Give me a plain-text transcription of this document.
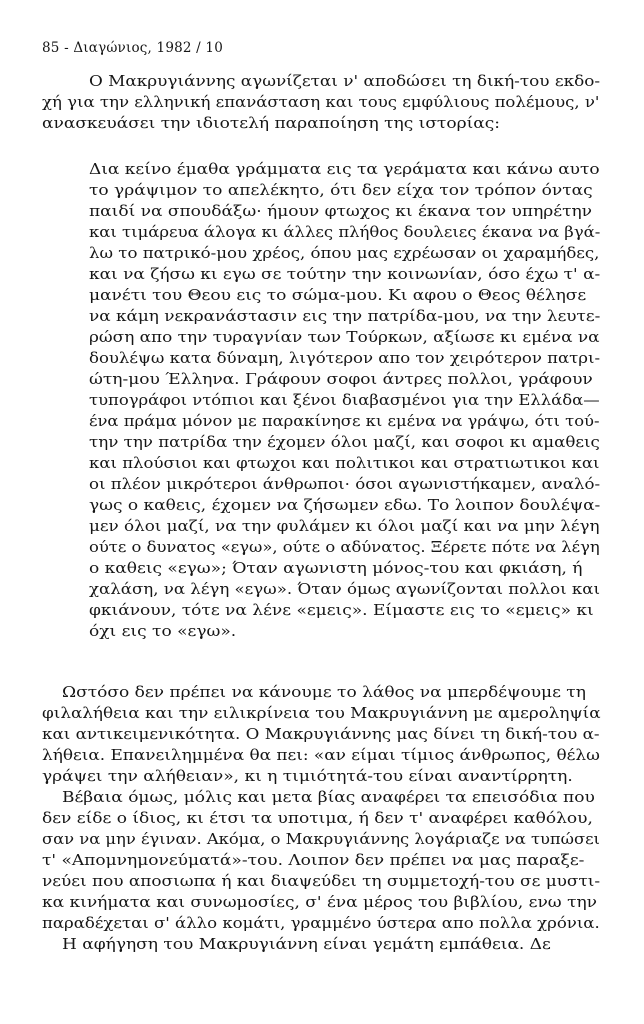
85 - Διαγώνιος, 1982 / 10
Ο Μακρυγιάννης αγωνίζεται ν' αποδώσει τη δική-του εκδο-
χή για την ελληνική επανάσταση και τους εμφύλιους πολέμους, ν'
ανασκευάσει την ιδιοτελή παραποίηση της ιστορίας:
Δια κείνο έμαθα γράμματα εις τα γεράματα και κάνω αυτο
το γράψιμον το απελέκητο, ότι δεν είχα τον τρόπον όντας
παιδί να σπουδάξω· ήμουν φτωχος κι έκανα τον υπηρέτην
και τιμάρευα άλογα κι άλλες πλήθος δουλειες έκανα να βγά-
λω το πατρικό-μου χρέος, όπου μας εχρέωσαν οι χαραμήδες,
και να ζήσω κι εγω σε τούτην την κοινωνίαν, όσο έχω τ' α-
μανέτι του Θεου εις το σώμα-μου. Κι αφου ο Θεος θέλησε
να κάμη νεκρανάστασιν εις την πατρίδα-μου, να την λευτε-
ρώση απο την τυραγνίαν των Τούρκων, αξίωσε κι εμένα να
δουλέψω κατα δύναμη, λιγότερον απο τον χειρότερον πατρι-
ώτη-μου Έλληνα. Γράφουν σοφοι άντρες πολλοι, γράφουν
τυπογράφοι ντόπιοι και ξένοι διαβασμένοι για την Ελλάδα—
ένα πράμα μόνον με παρακίνησε κι εμένα να γράψω, ότι τού-
την την πατρίδα την έχομεν όλοι μαζί, και σοφοι κι αμαθεις
και πλούσιοι και φτωχοι και πολιτικοι και στρατιωτικοι και
οι πλέον μικρότεροι άνθρωποι· όσοι αγωνιστήκαμεν, αναλό-
γως ο καθεις, έχομεν να ζήσωμεν εδω. Το λοιπον δουλέψα-
μεν όλοι μαζί, να την φυλάμεν κι όλοι μαζί και να μην λέγη
ούτε ο δυνατος «εγω», ούτε ο αδύνατος. Ξέρετε πότε να λέγη
ο καθεις «εγω»; Όταν αγωνιστη μόνος-του και φκιάση, ή
χαλάση, να λέγη «εγω». Όταν όμως αγωνίζονται πολλοι και
φκιάνουν, τότε να λένε «εμεις». Είμαστε εις το «εμεις» κι
όχι εις το «εγω».
Ωστόσο δεν πρέπει να κάνουμε το λάθος να μπερδέψουμε τη
φιλαλήθεια και την ειλικρίνεια του Μακρυγιάννη με αμεροληψία
και αντικειμενικότητα. Ο Μακρυγιάννης μας δίνει τη δική-του α-
λήθεια. Επανειλημμένα θα πει: «αν είμαι τίμιος άνθρωπος, θέλω
γράψει την αλήθειαν», κι η τιμιότητά-του είναι αναντίρρητη.
Βέβαια όμως, μόλις και μετα βίας αναφέρει τα επεισόδια που
δεν είδε ο ίδιος, κι έτσι τα υποτιμα, ή δεν τ' αναφέρει καθόλου,
σαν να μην έγιναν. Ακόμα, ο Μακρυγιάννης λογάριαζε να τυπώσει
τ' «Απομνημονεύματά»-του. Λοιπον δεν πρέπει να μας παραξε-
νεύει που αποσιωπα ή και διαψεύδει τη συμμετοχή-του σε μυστι-
κα κινήματα και συνωμοσίες, σ' ένα μέρος του βιβλίου, ενω την
παραδέχεται σ' άλλο κομάτι, γραμμένο ύστερα απο πολλα χρόνια.
Η αφήγηση του Μακρυγιάννη είναι γεμάτη εμπάθεια. Δε
